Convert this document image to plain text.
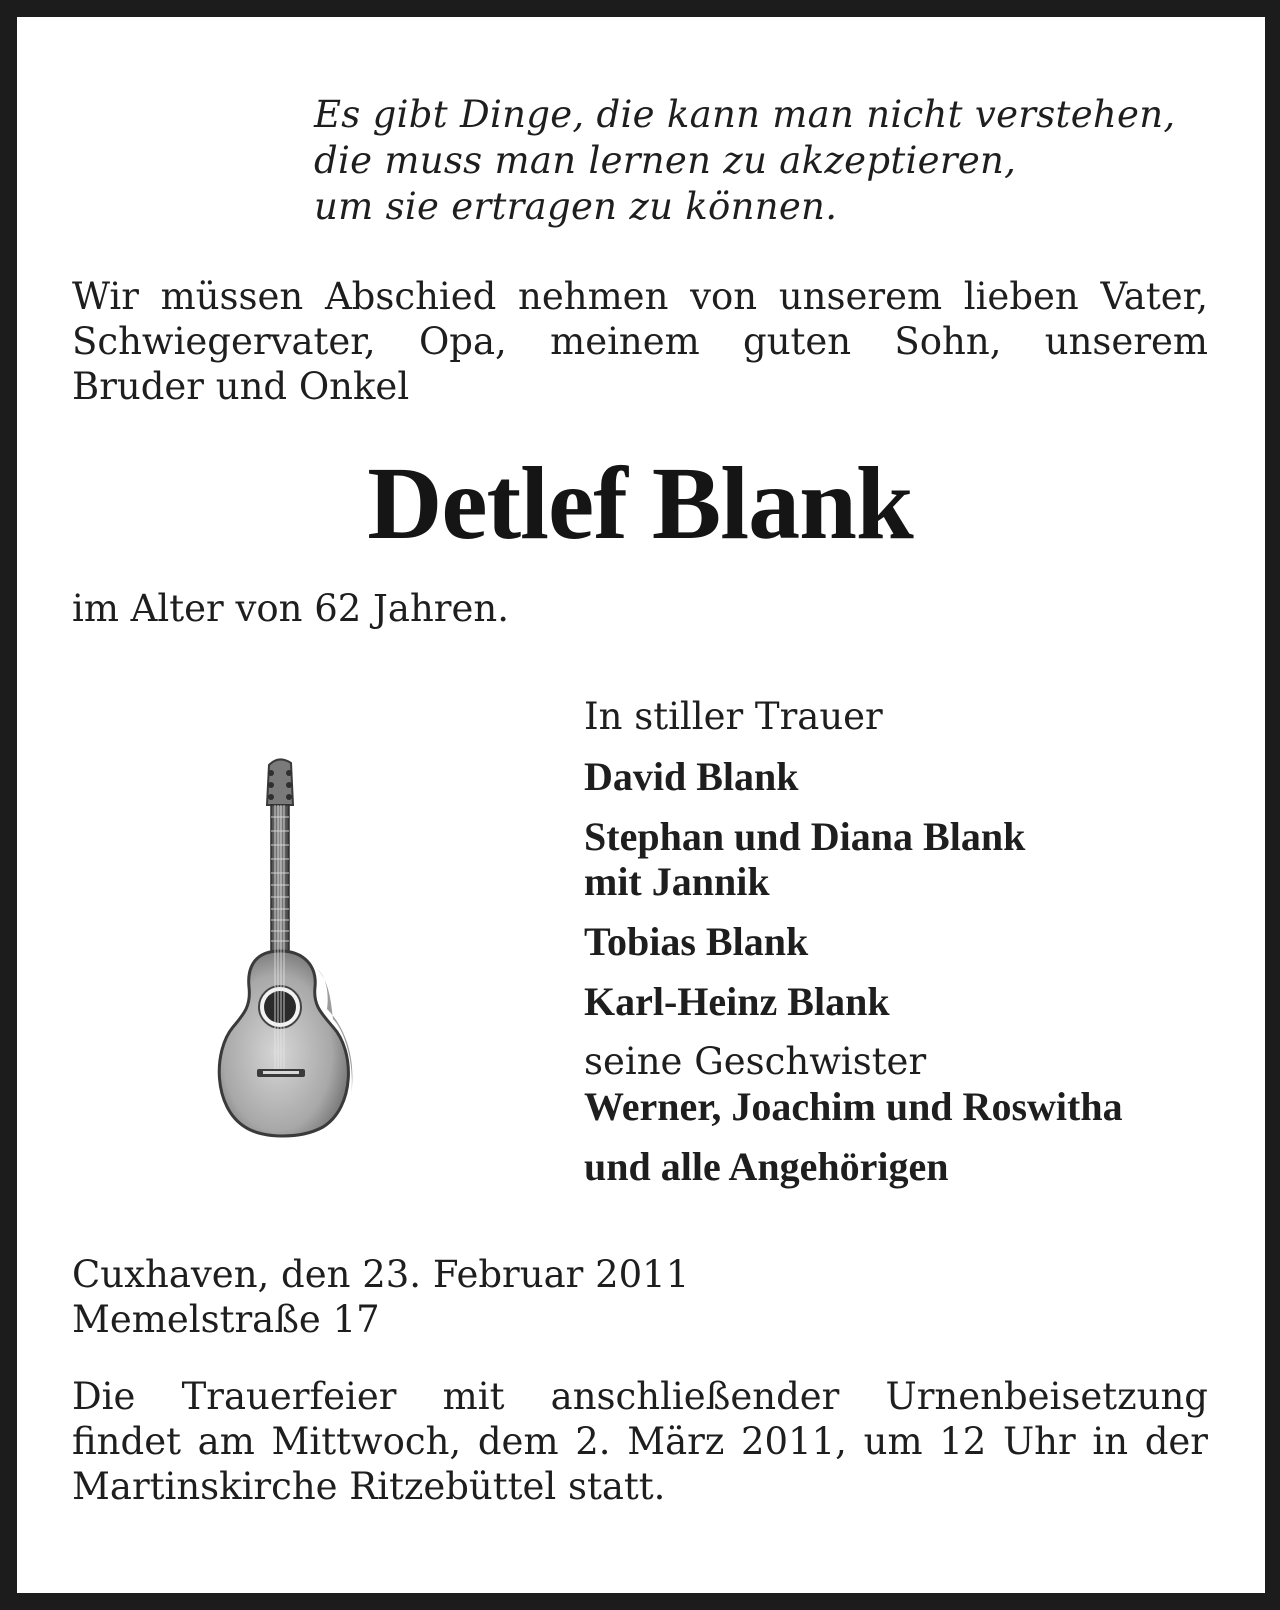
Es gibt Dinge, die kann man nicht verstehen,
die muss man lernen zu akzeptieren,
um sie ertragen zu können.
Wir müssen Abschied nehmen von unserem lieben Vater,
Schwiegervater, Opa, meinem guten Sohn, unserem
Bruder und Onkel
Detlef Blank
im Alter von 62 Jahren.
In stiller Trauer
David Blank
Stephan und Diana Blank
mit Jannik
Tobias Blank
Karl-Heinz Blank
seine Geschwister
Werner, Joachim und Roswitha
und alle Angehörigen
Cuxhaven, den 23. Februar 2011
Memelstraße 17
Die Trauerfeier mit anschließender Urnenbeisetzung
findet am Mittwoch, dem 2. März 2011, um 12 Uhr in der
Martinskirche Ritzebüttel statt.
